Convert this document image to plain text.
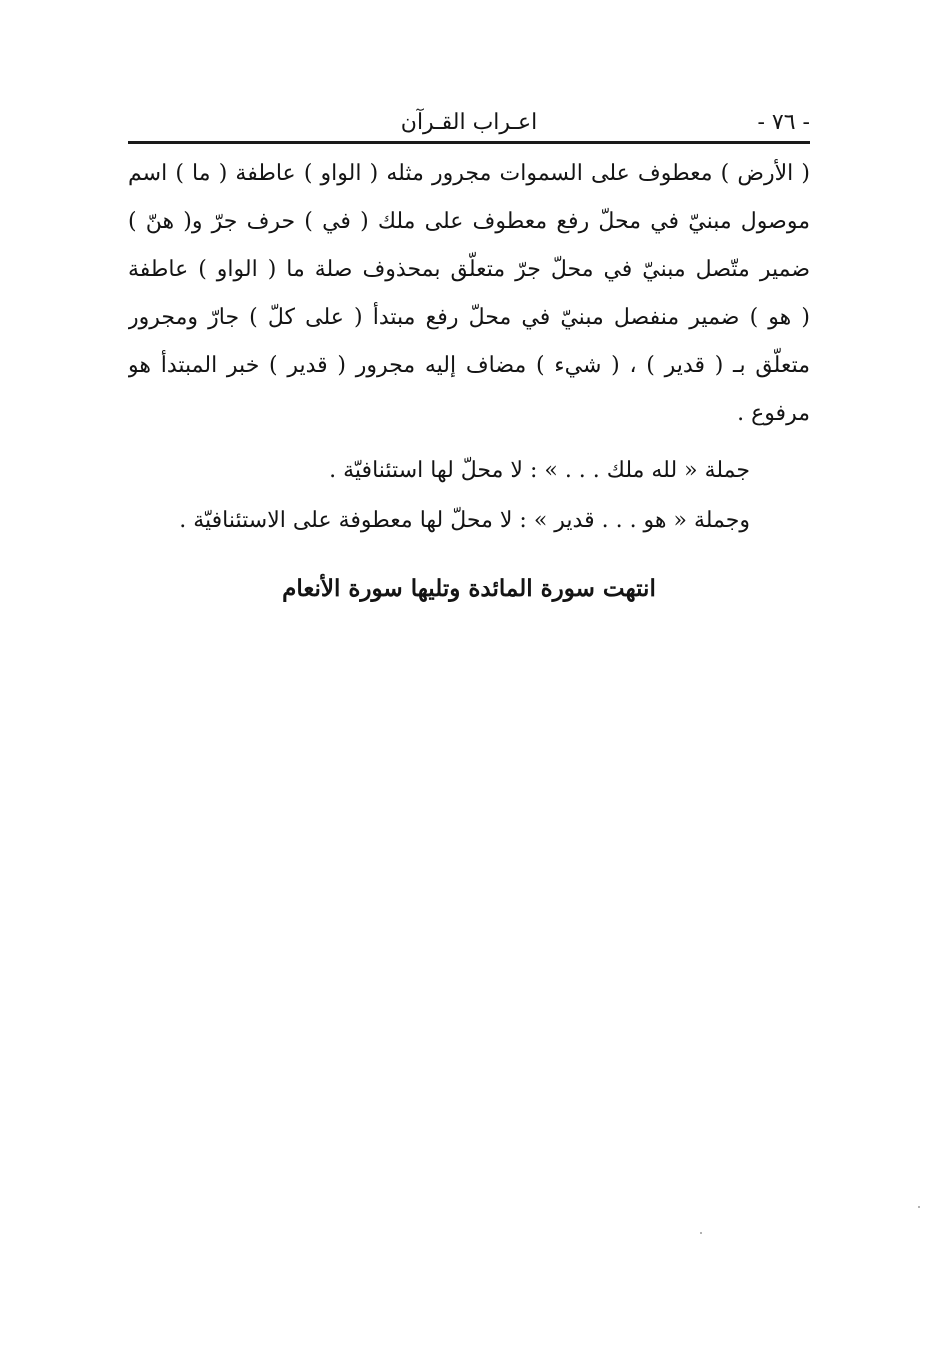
- ٧٦ -
اعـراب القـرآن
( الأرض ) معطوف على السموات مجرور مثله ( الواو ) عاطفة ( ما ) اسم
موصول مبنيّ في محلّ رفع معطوف على ملك ( في ) حرف جرّ و( هنّ )
ضمير متّصل مبنيّ في محلّ جرّ متعلّق بمحذوف صلة ما ( الواو ) عاطفة
( هو ) ضمير منفصل مبنيّ في محلّ رفع مبتدأ ( على كلّ ) جارّ ومجرور
متعلّق بـ ( قدير ) ، ( شيء ) مضاف إليه مجرور ( قدير ) خبر المبتدأ هو
مرفوع .
جملة « لله ملك . . . » : لا محلّ لها استئنافيّة .
وجملة « هو . . . قدير » : لا محلّ لها معطوفة على الاستئنافيّة .
انتهت سورة المائدة وتليها سورة الأنعام
